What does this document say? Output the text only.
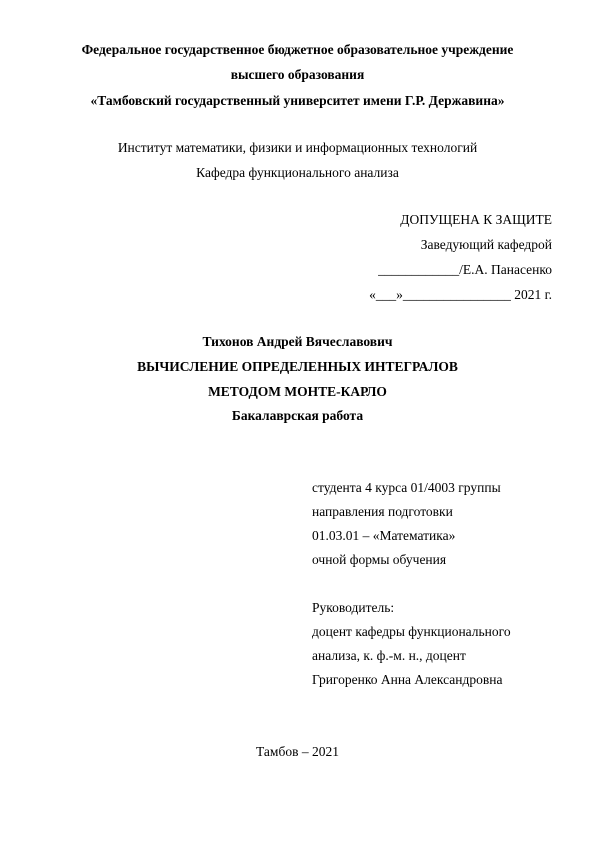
Федеральное государственное бюджетное образовательное учреждение
высшего образования
«Тамбовский государственный университет имени Г.Р. Державина»
Институт математики, физики и информационных технологий
Кафедра функционального анализа
ДОПУЩЕНА К ЗАЩИТЕ
Заведующий кафедрой
____________/Е.А. Панасенко
«___»________________ 2021 г.
Тихонов Андрей Вячеславович
ВЫЧИСЛЕНИЕ ОПРЕДЕЛЕННЫХ ИНТЕГРАЛОВ
МЕТОДОМ МОНТЕ-КАРЛО
Бакалаврская работа
студента 4 курса 01/4003 группы
направления подготовки
01.03.01 – «Математика»
очной формы обучения
Руководитель:
доцент кафедры функционального
анализа, к. ф.-м. н., доцент
Григоренко Анна Александровна
Тамбов – 2021
